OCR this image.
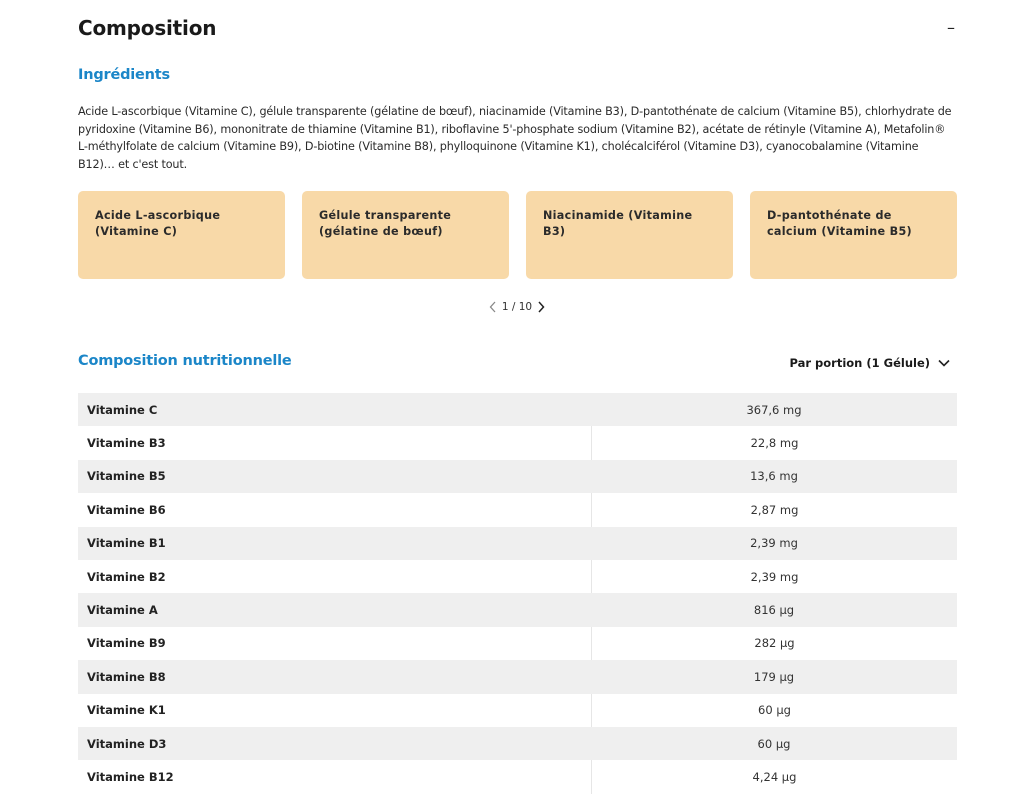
Composition	–
Ingrédients

Acide L-ascorbique (Vitamine C), gélule transparente (gélatine de bœuf), niacinamide (Vitamine B3), D-pantothénate de calcium (Vitamine B5), chlorhydrate de pyridoxine (Vitamine B6), mononitrate de thiamine (Vitamine B1), riboflavine 5'-phosphate sodium (Vitamine B2), acétate de rétinyle (Vitamine A), Metafolin® L-méthylfolate de calcium (Vitamine B9), D-biotine (Vitamine B8), phylloquinone (Vitamine K1), cholécalciférol (Vitamine D3), cyanocobalamine (Vitamine B12)… et c'est tout.

Acide L-ascorbique (Vitamine C)
Gélule transparente (gélatine de bœuf)
Niacinamide (Vitamine B3)
D-pantothénate de calcium (Vitamine B5)
1 / 10
Composition nutritionnelle	Par portion (1 Gélule)
Vitamine C	367,6 mg
Vitamine B3	22,8 mg
Vitamine B5	13,6 mg
Vitamine B6	2,87 mg
Vitamine B1	2,39 mg
Vitamine B2	2,39 mg
Vitamine A	816 µg
Vitamine B9	282 µg
Vitamine B8	179 µg
Vitamine K1	60 µg
Vitamine D3	60 µg
Vitamine B12	4,24 µg
